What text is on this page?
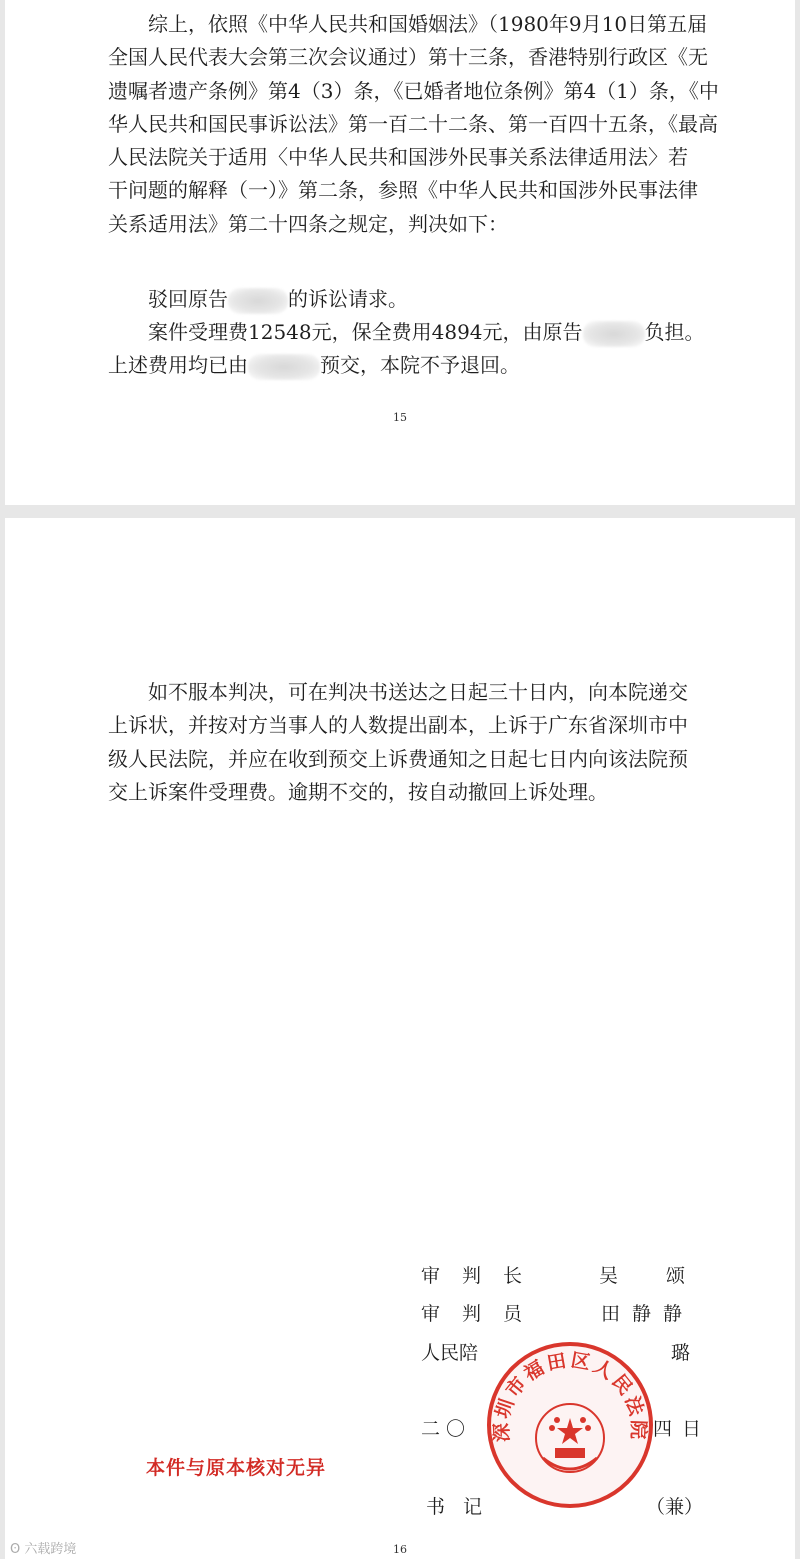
综上，依照《中华人民共和国婚姻法》（1980年9月10日第五届
全国人民代表大会第三次会议通过）第十三条，香港特别行政区《无
遗嘱者遗产条例》第4（3）条，《已婚者地位条例》第4（1）条，《中
华人民共和国民事诉讼法》第一百二十二条、第一百四十五条，《最高
人民法院关于适用〈中华人民共和国涉外民事关系法律适用法〉若
干问题的解释（一）》第二条，参照《中华人民共和国涉外民事法律
关系适用法》第二十四条之规定，判决如下：
驳回原告	的诉讼请求。
案件受理费12548元，保全费用4894元，由原告	负担。
上述费用均已由	预交，本院不予退回。
15
如不服本判决，可在判决书送达之日起三十日内，向本院递交
上诉状，并按对方当事人的人数提出副本，上诉于广东省深圳市中
级人民法院，并应在收到预交上诉费通知之日起七日内向该法院预
交上诉案件受理费。逾期不交的，按自动撤回上诉处理。
审判长	吴 颂
审判员	田静静
人民陪	璐
二〇	四日
书记	（兼）
深圳市福田区人民法院
本件与原本核对无异
16
ʘ 六载跨境
